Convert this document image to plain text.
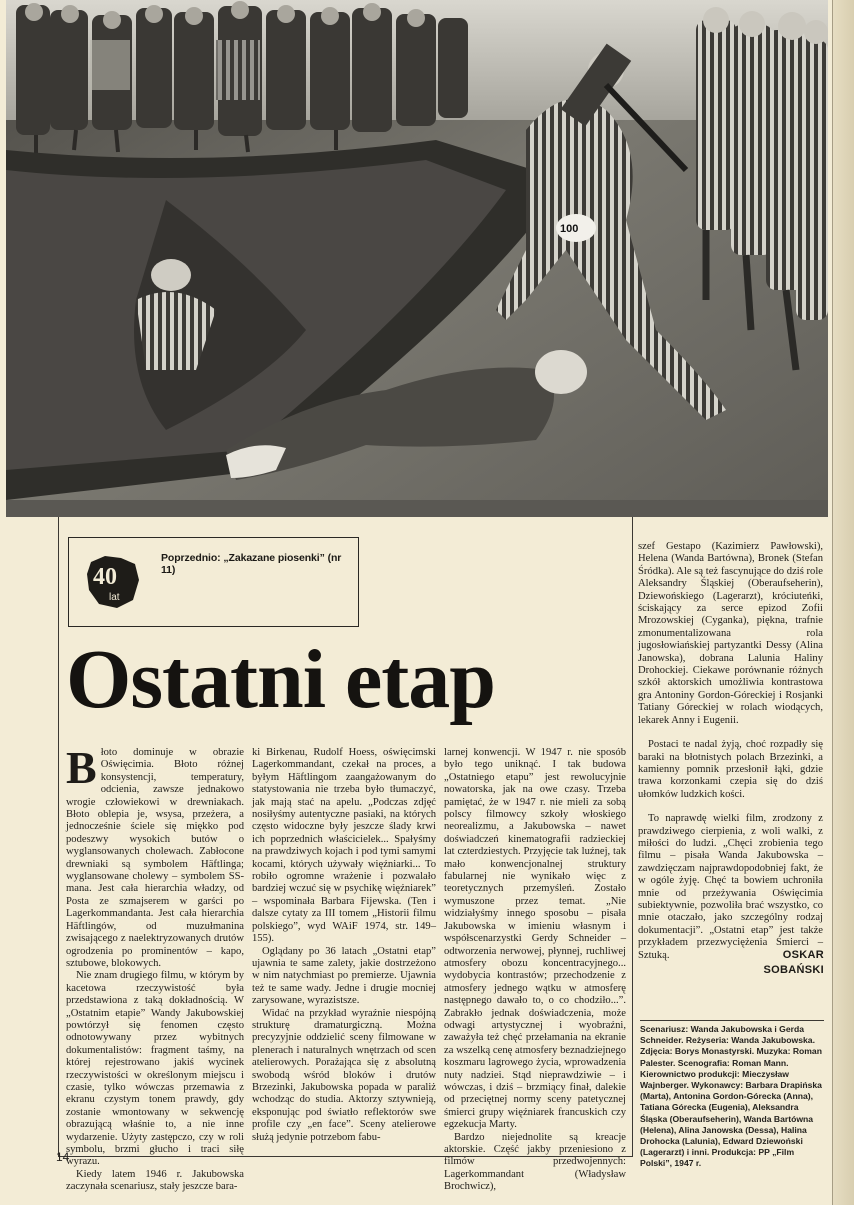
100
40
lat
Poprzednio: „Zakazane piosenki” (nr 11)
Ostatni etap

Błoto dominuje w obrazie Oświęcimia. Błoto różnej konsystencji, temperatury, odcienia, zawsze jednakowo wrogie człowiekowi w drewniakach. Błoto oblepia je, wsysa, przeżera, a jednocześnie ściele się miękko pod podeszwy wysokich butów o wyglansowanych cholewach. Zabłocone drewniaki są symbolem Häftlinga; wyglansowane cholewy – symbolem SS-mana. Jest cała hierarchia władzy, od Posta ze szmajserem w garści po Lagerkommandanta. Jest cała hierarchia Häftlingów, od muzułmanina zwisającego z naelektryzowanych drutów ogrodzenia po prominentów – kapo, sztubowe, blokowych.

Nie znam drugiego filmu, w którym by kacetowa rzeczywistość była przedstawiona z taką dokładnością. W „Ostatnim etapie” Wandy Jakubowskiej powtórzył się fenomen często odnotowywany przez wybitnych dokumentalistów: fragment taśmy, na której rejestrowano jakiś wycinek rzeczywistości w określonym miejscu i czasie, tylko wówczas przemawia z ekranu czystym tonem prawdy, gdy zostanie wmontowany w sekwencję obrazującą właśnie to, a nie inne wydarzenie. Użyty zastępczo, czy w roli symbolu, brzmi głucho i traci siłę wyrazu.

Kiedy latem 1946 r. Jakubowska zaczynała scenariusz, stały jeszcze bara-

ki Birkenau, Rudolf Hoess, oświęcimski Lagerkommandant, czekał na proces, a byłym Häftlingom zaangażowanym do statystowania nie trzeba było tłumaczyć, jak mają stać na apelu. „Podczas zdjęć nosiłyśmy autentyczne pasiaki, na których często widoczne były jeszcze ślady krwi ich poprzednich właścicielek... Spałyśmy na prawdziwych kojach i pod tymi samymi kocami, których używały więźniarki... To robiło ogromne wrażenie i pozwalało bardziej wczuć się w psychikę więźniarek” – wspominała Barbara Fijewska. (Ten i dalsze cytaty za III tomem „Historii filmu polskiego”, wyd WAiF 1974, str. 149–155).

Oglądany po 36 latach „Ostatni etap” ujawnia te same zalety, jakie dostrzeżono w nim natychmiast po premierze. Ujawnia też te same wady. Jedne i drugie mocniej zarysowane, wyrazistsze.

Widać na przykład wyraźnie niespójną strukturę dramaturgiczną. Można precyzyjnie oddzielić sceny filmowane w plenerach i naturalnych wnętrzach od scen atelierowych. Porażająca się z absolutną swobodą wśród bloków i drutów Brzezinki, Jakubowska popada w paraliż wchodząc do studia. Aktorzy sztywnieją, eksponując pod światło reflektorów swe profile czy „en face”. Sceny atelierowe służą jedynie potrzebom fabu-

larnej konwencji. W 1947 r. nie sposób było tego uniknąć. I tak budowa „Ostatniego etapu” jest rewolucyjnie nowatorska, jak na owe czasy. Trzeba pamiętać, że w 1947 r. nie mieli za sobą polscy filmowcy szkoły włoskiego neorealizmu, a Jakubowska – nawet doświadczeń kinematografii radzieckiej lat czterdziestych. Przyjęcie tak luźnej, tak mało konwencjonalnej struktury fabularnej nie wynikało więc z teoretycznych przemyśleń. Zostało wymuszone przez temat. „Nie widziałyśmy innego sposobu – pisała Jakubowska w imieniu własnym i współscenarzystki Gerdy Schneider – odtworzenia nerwowej, płynnej, ruchliwej atmosfery obozu koncentracyjnego... wydobycia kontrastów; przechodzenie z atmosfery jednego wątku w atmosferę następnego dawało to, o co chodziło...”. Zabrakło jednak doświadczenia, może odwagi artystycznej i wyobraźni, zaważyła też chęć przełamania na ekranie za wszelką cenę atmosfery beznadziejnego koszmaru lagrowego życia, wprowadzenia nuty nadziei. Stąd nieprawdziwie – i wówczas, i dziś – brzmiący finał, dalekie od przeciętnej normy sceny patetycznej śmierci grupy więźniarek francuskich czy egzekucja Marty.

Bardzo niejednolite są kreacje aktorskie. Część jakby przeniesiono z filmów przedwojennych: Lagerkommandant (Władysław Brochwicz),

szef Gestapo (Kazimierz Pawłowski), Helena (Wanda Bartówna), Bronek (Stefan Śródka). Ale są też fascynujące do dziś role Aleksandry Śląskiej (Oberaufseherin), Dziewońskiego (Lagerarzt), króciuteńki, ściskający za serce epizod Zofii Mrozowskiej (Cyganka), piękna, trafnie zmonumentalizowana rola jugosłowiańskiej partyzantki Dessy (Alina Janowska), dobrana Lalunia Haliny Drohockiej. Ciekawe porównanie różnych szkół aktorskich umożliwia kontrastowa gra Antoniny Gordon-Góreckiej i Rosjanki Tatiany Góreckiej w rolach wiodących, lekarek Anny i Eugenii.

Postaci te nadal żyją, choć rozpadły się baraki na błotnistych polach Brzezinki, a kamienny pomnik przesłonił łąki, gdzie trawa korzonkami czepia się do dziś ułomków ludzkich kości.

To naprawdę wielki film, zrodzony z prawdziwego cierpienia, z woli walki, z miłości do ludzi. „Chęci zrobienia tego filmu – pisała Wanda Jakubowska – zawdzięczam najprawdopodobniej fakt, że w ogóle żyję. Chęć ta bowiem uchroniła mnie od przeżywania Oświęcimia subiektywnie, pozwoliła brać wszystko, co mnie otaczało, jako szczególny rodzaj dokumentacji”. „Ostatni etap” jest także przykładem przezwyciężenia Śmierci – Sztuką.	OSKAR
SOBAŃSKI
Scenariusz: Wanda Jakubowska i Gerda Schneider. Reżyseria: Wanda Jakubowska. Zdjęcia: Borys Monastyrski. Muzyka: Roman Palester. Scenografia: Roman Mann. Kierownictwo produkcji: Mieczysław Wajnberger. Wykonawcy: Barbara Drapińska (Marta), Antonina Gordon-Górecka (Anna), Tatiana Górecka (Eugenia), Aleksandra Śląska (Oberaufseherin), Wanda Bartówna (Helena), Alina Janowska (Dessa), Halina Drohocka (Lalunia), Edward Dziewoński (Lagerarzt) i inni. Produkcja: PP „Film Polski”, 1947 r.
14
